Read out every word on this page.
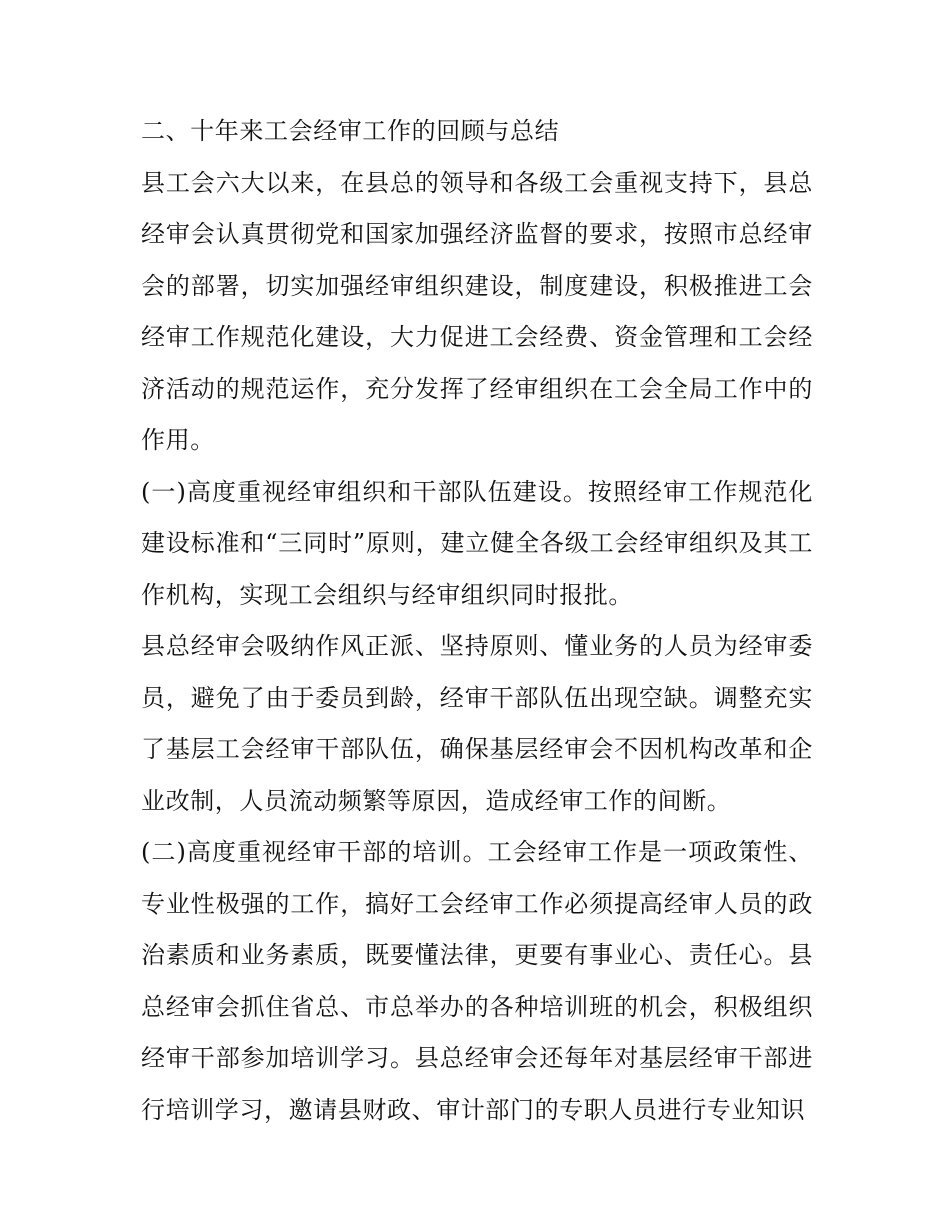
二、十年来工会经审工作的回顾与总结

县工会六大以来，在县总的领导和各级工会重视支持下，县总经审会认真贯彻党和国家加强经济监督的要求，按照市总经审会的部署，切实加强经审组织建设，制度建设，积极推进工会经审工作规范化建设，大力促进工会经费、资金管理和工会经济活动的规范运作，充分发挥了经审组织在工会全局工作中的作用。

(一)高度重视经审组织和干部队伍建设。按照经审工作规范化建设标准和“三同时”原则，建立健全各级工会经审组织及其工作机构，实现工会组织与经审组织同时报批。

县总经审会吸纳作风正派、坚持原则、懂业务的人员为经审委员，避免了由于委员到龄，经审干部队伍出现空缺。调整充实了基层工会经审干部队伍，确保基层经审会不因机构改革和企业改制，人员流动频繁等原因，造成经审工作的间断。

(二)高度重视经审干部的培训。工会经审工作是一项政策性、专业性极强的工作，搞好工会经审工作必须提高经审人员的政治素质和业务素质，既要懂法律，更要有事业心、责任心。县总经审会抓住省总、市总举办的各种培训班的机会，积极组织经审干部参加培训学习。县总经审会还每年对基层经审干部进行培训学习，邀请县财政、审计部门的专职人员进行专业知识
